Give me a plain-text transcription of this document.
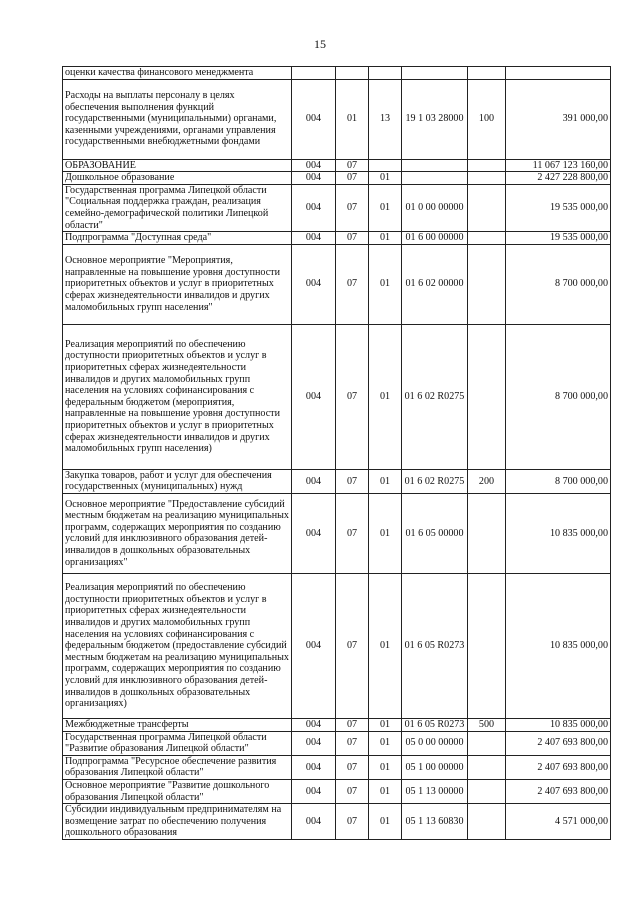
15
оценки качества финансового менеджмента						
Расходы на выплаты персоналу в целях обеспечения выполнения функций государственными (муниципальными) органами, казенными учреждениями, органами управления государственными внебюджетными фондами	004	01	13	19 1 03 28000	100	391 000,00
ОБРАЗОВАНИЕ	004	07				11 067 123 160,00
Дошкольное образование	004	07	01			2 427 228 800,00
Государственная программа Липецкой области "Социальная поддержка граждан, реализация семейно-демографической политики Липецкой области"	004	07	01	01 0 00 00000		19 535 000,00
Подпрограмма "Доступная среда"	004	07	01	01 6 00 00000		19 535 000,00
Основное мероприятие "Мероприятия, направленные на повышение уровня доступности приоритетных объектов и услуг в приоритетных сферах жизнедеятельности инвалидов и других маломобильных групп населения"	004	07	01	01 6 02 00000		8 700 000,00
Реализация мероприятий по обеспечению доступности приоритетных объектов и услуг в приоритетных сферах жизнедеятельности инвалидов и других маломобильных групп населения на условиях софинансирования с федеральным бюджетом (мероприятия, направленные на повышение уровня доступности приоритетных объектов и услуг в приоритетных сферах жизнедеятельности инвалидов и других маломобильных групп населения)	004	07	01	01 6 02 R0275		8 700 000,00
Закупка товаров, работ и услуг для обеспечения государственных (муниципальных) нужд	004	07	01	01 6 02 R0275	200	8 700 000,00
Основное мероприятие "Предоставление субсидий местным бюджетам на реализацию муниципальных программ, содержащих мероприятия по созданию условий для инклюзивного образования детей-инвалидов в дошкольных образовательных организациях"	004	07	01	01 6 05 00000		10 835 000,00
Реализация мероприятий по обеспечению доступности приоритетных объектов и услуг в приоритетных сферах жизнедеятельности инвалидов и других маломобильных групп населения на условиях софинансирования с федеральным бюджетом (предоставление субсидий местным бюджетам на реализацию муниципальных программ, содержащих мероприятия по созданию условий для инклюзивного образования детей-инвалидов в дошкольных образовательных организациях)	004	07	01	01 6 05 R0273		10 835 000,00
Межбюджетные трансферты	004	07	01	01 6 05 R0273	500	10 835 000,00
Государственная программа Липецкой области "Развитие образования Липецкой области"	004	07	01	05 0 00 00000		2 407 693 800,00
Подпрограмма "Ресурсное обеспечение развития образования Липецкой области"	004	07	01	05 1 00 00000		2 407 693 800,00
Основное мероприятие "Развитие дошкольного образования Липецкой области"	004	07	01	05 1 13 00000		2 407 693 800,00
Субсидии индивидуальным предпринимателям на возмещение затрат по обеспечению получения дошкольного образования	004	07	01	05 1 13 60830		4 571 000,00
